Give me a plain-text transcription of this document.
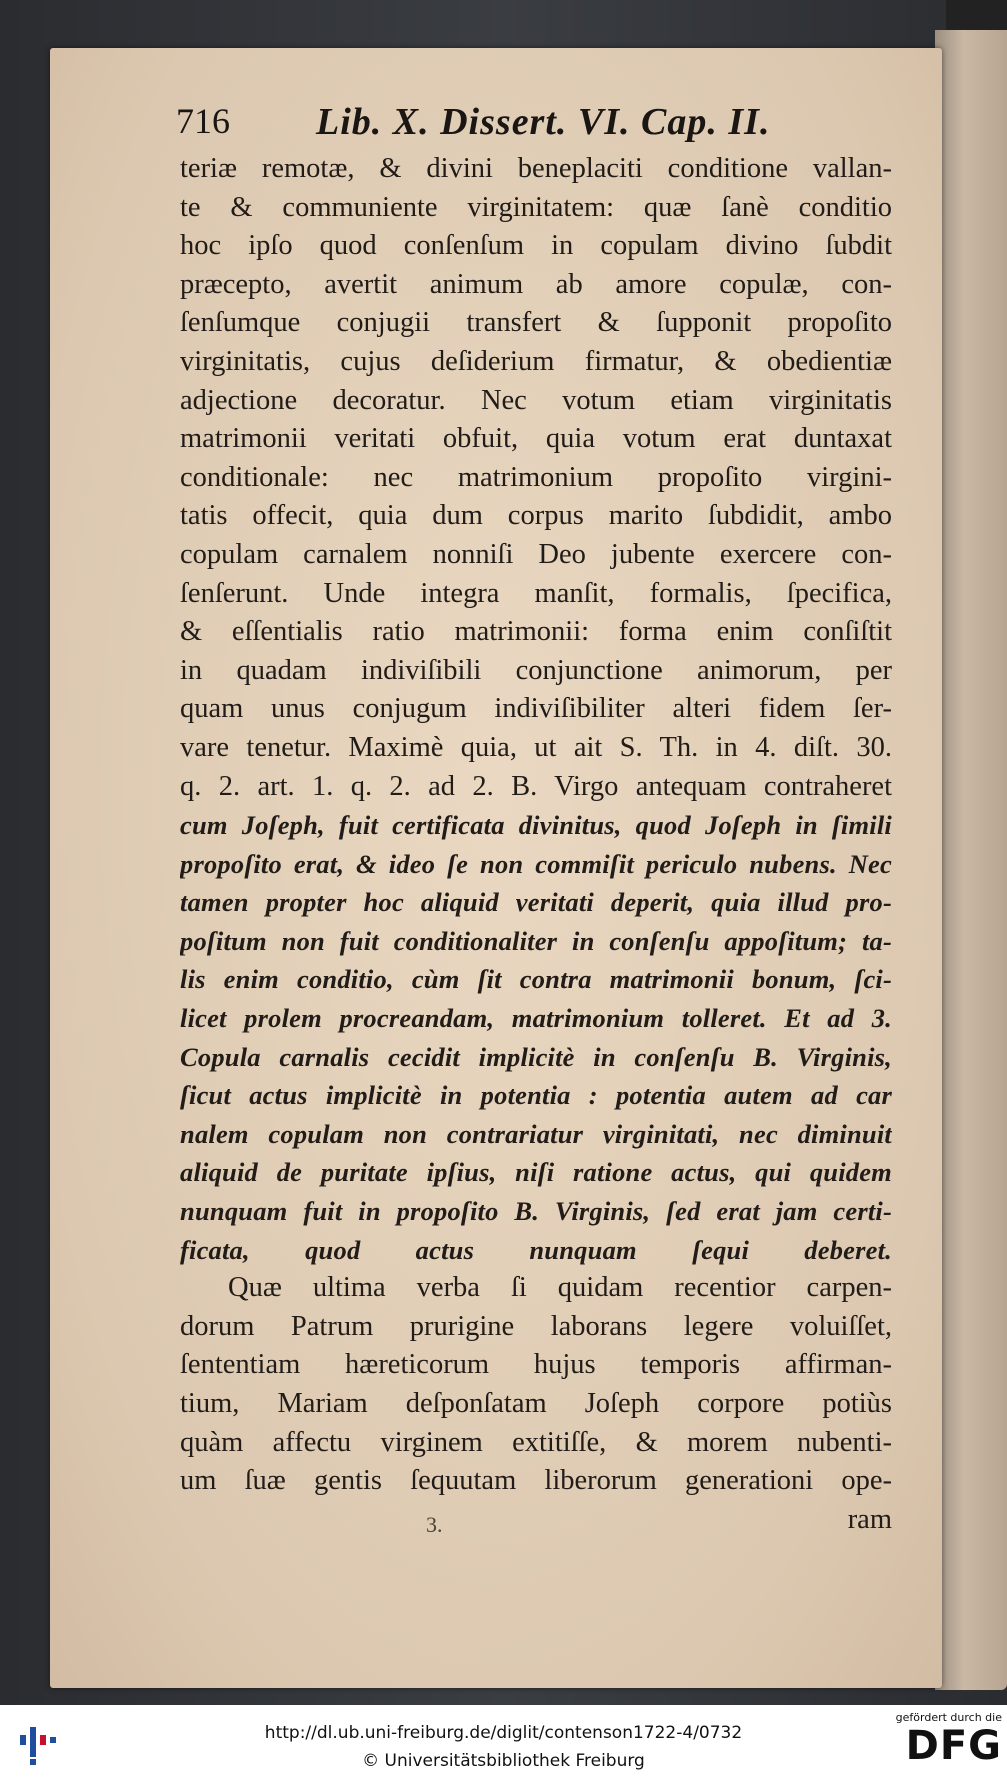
716 Lib. X. Dissert. VI. Cap. II.
teriæ remotæ, & divini beneplaciti conditione vallan-
te & communiente virginitatem: quæ ſanè conditio
hoc ipſo quod conſenſum in copulam divino ſubdit
præcepto, avertit animum ab amore copulæ, con-
ſenſumque conjugii transfert & ſupponit propoſito
virginitatis, cujus deſiderium firmatur, & obedientiæ
adjectione decoratur. Nec votum etiam virginitatis
matrimonii veritati obfuit, quia votum erat duntaxat
conditionale: nec matrimonium propoſito virgini-
tatis offecit, quia dum corpus marito ſubdidit, ambo
copulam carnalem nonniſi Deo jubente exercere con-
ſenſerunt. Unde integra manſit, formalis, ſpecifica,
& eſſentialis ratio matrimonii: forma enim conſiſtit
in quadam indiviſibili conjunctione animorum, per
quam unus conjugum indiviſibiliter alteri fidem ſer-
vare tenetur. Maximè quia, ut ait S. Th. in 4. diſt. 30.
q. 2. art. 1. q. 2. ad 2. B. Virgo antequam contraheret
cum Joſeph, fuit certificata divinitus, quod Joſeph in ſimili
propoſito erat, & ideo ſe non commiſit periculo nubens. Nec
tamen propter hoc aliquid veritati deperit, quia illud pro-
poſitum non fuit conditionaliter in conſenſu appoſitum; ta-
lis enim conditio, cùm ſit contra matrimonii bonum, ſci-
licet prolem procreandam, matrimonium tolleret. Et ad 3.
Copula carnalis cecidit implicitè in conſenſu B. Virginis,
ſicut actus implicitè in potentia : potentia autem ad car
nalem copulam non contrariatur virginitati, nec diminuit
aliquid de puritate ipſius, niſi ratione actus, qui quidem
nunquam fuit in propoſito B. Virginis, ſed erat jam certi-
ficata, quod actus nunquam ſequi deberet.
Quæ ultima verba ſi quidam recentior carpen-
dorum Patrum prurigine laborans legere voluiſſet,
ſententiam hæreticorum hujus temporis affirman-
tium, Mariam deſponſatam Joſeph corpore potiùs
quàm affectu virginem extitiſſe, & morem nubenti-
um ſuæ gentis ſequutam liberorum generationi ope-
ram
3.
http://dl.ub.uni-freiburg.de/diglit/contenson1722-4/0732
© Universitätsbibliothek Freiburg
gefördert durch die
DFG
